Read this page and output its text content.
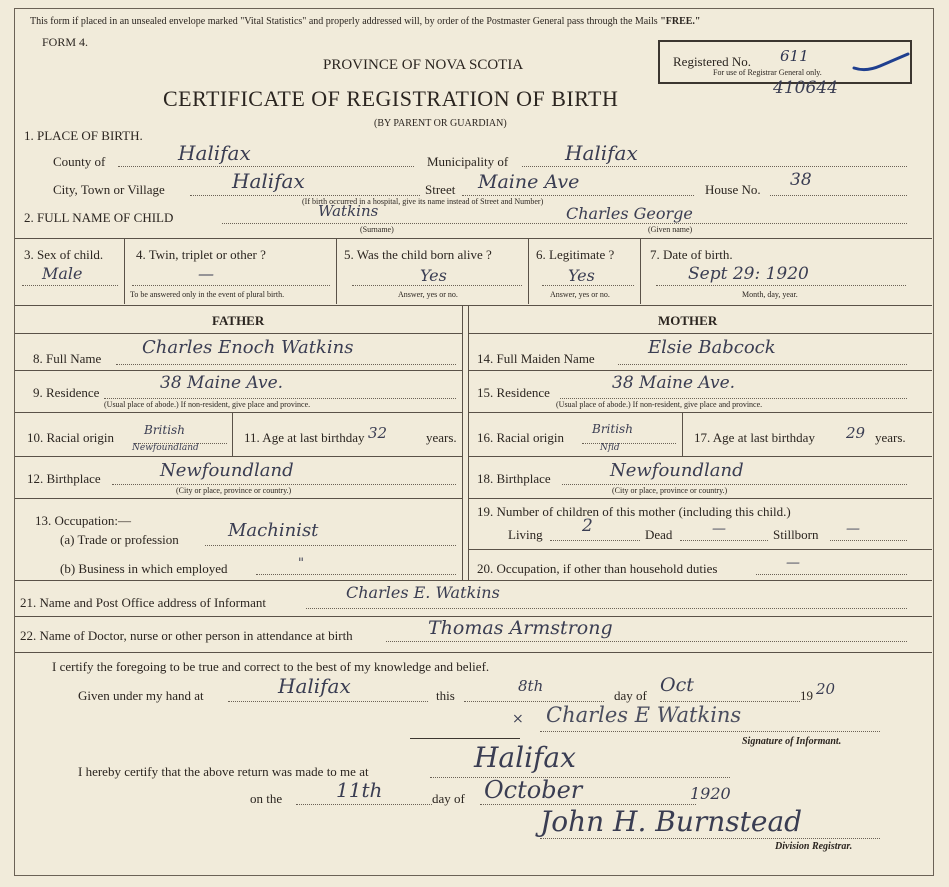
This form if placed in an unsealed envelope marked "Vital Statistics" and properly addressed will, by order of the Postmaster General pass through the Mails "FREE."
FORM 4.
PROVINCE OF NOVA SCOTIA
CERTIFICATE OF REGISTRATION OF BIRTH
(BY PARENT OR GUARDIAN)
Registered No. 611
For use of Registrar General only.
410644
1. PLACE OF BIRTH.
County of	Halifax	Municipality of	Halifax
City, Town or Village	Halifax	Street Maine Ave	House No. 38
(If birth occurred in a hospital, give its name instead of Street and Number)
2. FULL NAME OF CHILD	Watkins	Charles George
(Surname)	(Given name)
3. Sex of child.
Male
4. Twin, triplet or other ?
—
To be answered only in the event of plural birth.
5. Was the child born alive ?
Yes
Answer, yes or no.
6. Legitimate ?
Yes
Answer, yes or no.
7. Date of birth.
Sept 29: 1920
Month, day, year.
FATHER	MOTHER
8. Full Name
Charles Enoch Watkins
9. Residence	38 Maine Ave.
(Usual place of abode.) If non-resident, give place and province.
10. Racial origin British
Newfoundland
11. Age at last birthday 32	years.
12. Birthplace	Newfoundland
(City or place, province or country.)
13. Occupation:—
(a) Trade or profession	Machinist
(b) Business in which employed	"
14. Full Maiden Name
Elsie Babcock
15. Residence	38 Maine Ave.
(Usual place of abode.) If non-resident, give place and province.
16. Racial origin
British
Nfld
17. Age at last birthday 29 years.
18. Birthplace	Newfoundland
(City or place, province or country.)
19. Number of children of this mother (including this child.)
Living 2	Dead	—	Stillborn —
20. Occupation, if other than household duties	—
21. Name and Post Office address of Informant
Charles E. Watkins
22. Name of Doctor, nurse or other person in attendance at birth	Thomas Armstrong
I certify the foregoing to be true and correct to the best of my knowledge and belief.
Given under my hand at	Halifax	this
8th
day of Oct	19 20
× Charles E Watkins
Signature of Informant.
I hereby certify that the above return was made to me at	Halifax
on the	11th	day of October	1920
John H. Burnstead
Division Registrar.
